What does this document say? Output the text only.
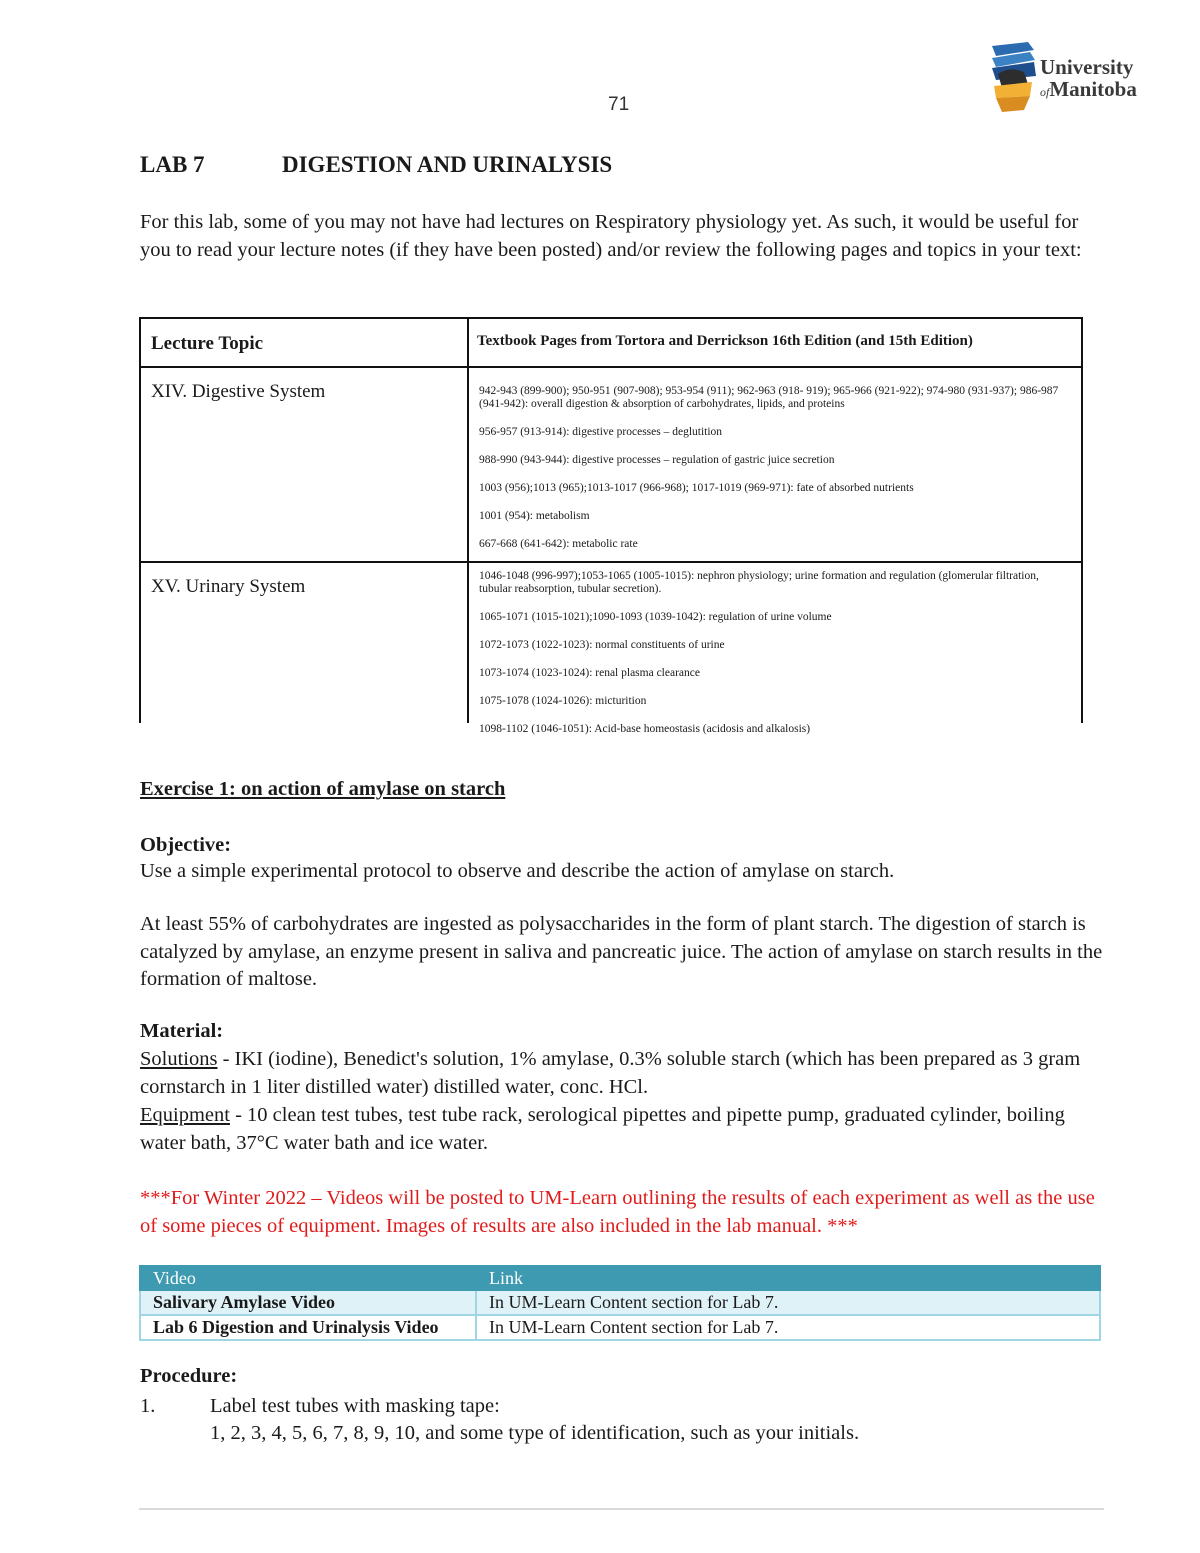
University
ofManitoba
71
LAB 7	DIGESTION AND URINALYSIS
For this lab, some of you may not have had lectures on Respiratory physiology yet. As such, it would be useful for you to read your lecture notes (if they have been posted) and/or review the following pages and topics in your text:
Lecture Topic	Textbook Pages from Tortora and Derrickson 16th Edition (and 15th Edition)
XIV. Digestive System	942-943 (899-900); 950-951 (907-908); 953-954 (911); 962-963 (918- 919); 965-966 (921-922); 974-980 (931-937); 986-987 (941-942): overall digestion & absorption of carbohydrates, lipids, and proteins
956-957 (913-914): digestive processes – deglutition
988-990 (943-944): digestive processes – regulation of gastric juice secretion
1003 (956);1013 (965);1013-1017 (966-968); 1017-1019 (969-971): fate of absorbed nutrients
1001 (954): metabolism
667-668 (641-642): metabolic rate
XV. Urinary System	1046-1048 (996-997);1053-1065 (1005-1015): nephron physiology; urine formation and regulation (glomerular filtration, tubular reabsorption, tubular secretion).
1065-1071 (1015-1021);1090-1093 (1039-1042): regulation of urine volume
1072-1073 (1022-1023): normal constituents of urine
1073-1074 (1023-1024): renal plasma clearance
1075-1078 (1024-1026): micturition
1098-1102 (1046-1051): Acid-base homeostasis (acidosis and alkalosis)
Exercise 1: on action of amylase on starch
Objective:
Use a simple experimental protocol to observe and describe the action of amylase on starch.
At least 55% of carbohydrates are ingested as polysaccharides in the form of plant starch. The digestion of starch is catalyzed by amylase, an enzyme present in saliva and pancreatic juice. The action of amylase on starch results in the formation of maltose.
Material:
Solutions - IKI (iodine), Benedict's solution, 1% amylase, 0.3% soluble starch (which has been prepared as 3 gram cornstarch in 1 liter distilled water) distilled water, conc. HCl.
Equipment - 10 clean test tubes, test tube rack, serological pipettes and pipette pump, graduated cylinder, boiling water bath, 37°C water bath and ice water.
***For Winter 2022 – Videos will be posted to UM-Learn outlining the results of each experiment as well as the use of some pieces of equipment. Images of results are also included in the lab manual. ***
Video	Link
Salivary Amylase Video	In UM-Learn Content section for Lab 7.
Lab 6 Digestion and Urinalysis Video	In UM-Learn Content section for Lab 7.
Procedure:
1.	Label test tubes with masking tape:
1, 2, 3, 4, 5, 6, 7, 8, 9, 10, and some type of identification, such as your initials.
